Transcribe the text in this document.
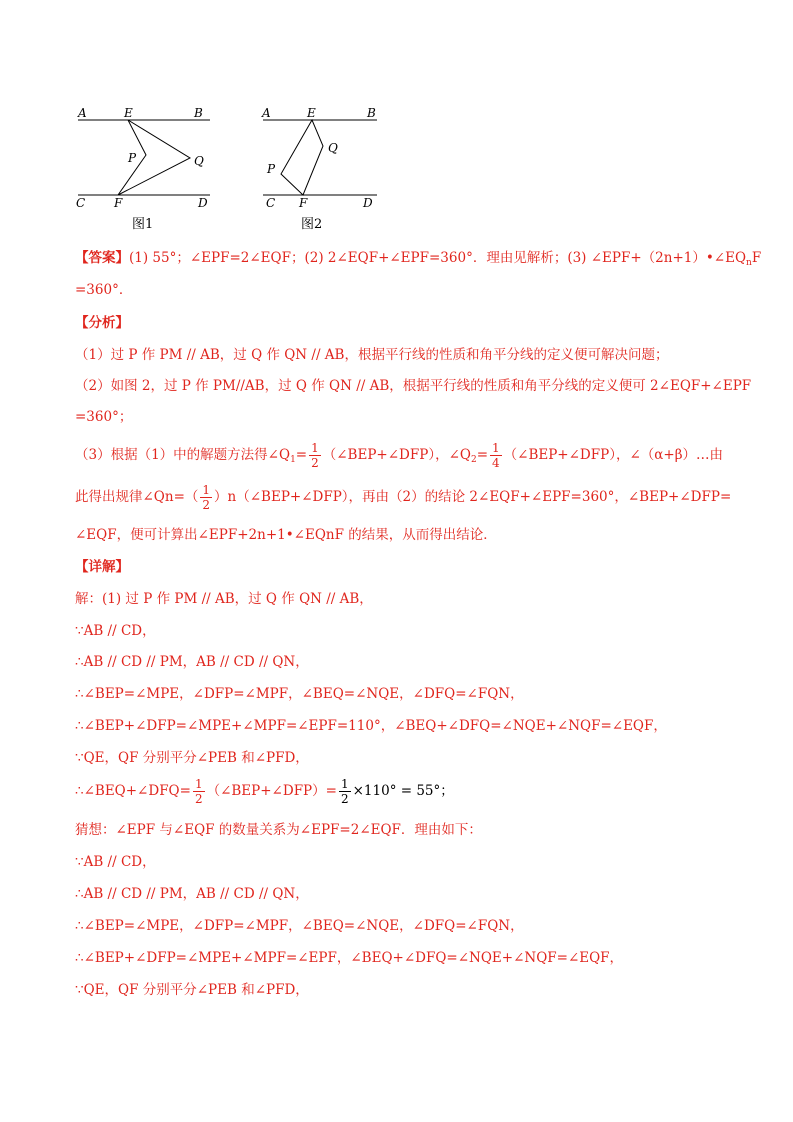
A	E	B
P	Q
C F	D
图1
A	E	B
Q
P
C F	D
图2
【答案】(1) 55°；∠EPF=2∠EQF；(2) 2∠EQF+∠EPF=360°．理由见解析；(3) $\angle EPF+(2n+1)•\angle EQ_nF$
=360°．
【分析】
（1）过 P 作 PM // AB，过 Q 作 QN // AB，根据平行线的性质和角平分线的定义便可解决问题；
（2）如图 2，过 P 作 PM//AB，过 Q 作 QN // AB，根据平行线的性质和角平分线的定义便可 2∠EQF+∠EPF
=360°；
（3）根据（1）中的解题方法得$\angle Q_1= \frac{1}{2}$ （∠BEP+∠DFP），$\angle Q_2= \frac{1}{4}$ （∠BEP+∠DFP），∠（α+β）…由
此得出规律∠Qn=（ $\frac{1}{2}$ ）n（∠BEP+∠DFP），再由（2）的结论 2∠EQF+∠EPF=360°，∠BEP+∠DFP=
∠EQF，便可计算出∠EPF+2n+1•∠EQnF 的结果，从而得出结论．
【详解】
解：(1) 过 P 作 PM // AB，过 Q 作 QN // AB，
∵AB // CD，
∴AB // CD // PM，AB // CD // QN，
∴∠BEP=∠MPE，∠DFP=∠MPF，∠BEQ=∠NQE，∠DFQ=∠FQN，
∴∠BEP+∠DFP=∠MPE+∠MPF=∠EPF=110°，∠BEQ+∠DFQ=∠NQE+∠NQF=∠EQF，
∵QE，QF 分别平分∠PEB 和∠PFD，
∴∠BEQ+∠DFQ= $\frac{1}{2}$ （∠BEP+∠DFP）= $\frac{1}{2} \times 110^\circ = 55^\circ$；
猜想：∠EPF 与∠EQF 的数量关系为∠EPF=2∠EQF．理由如下：
∵AB // CD，
∴AB // CD // PM，AB // CD // QN，
∴∠BEP=∠MPE，∠DFP=∠MPF，∠BEQ=∠NQE，∠DFQ=∠FQN，
∴∠BEP+∠DFP=∠MPE+∠MPF=∠EPF，∠BEQ+∠DFQ=∠NQE+∠NQF=∠EQF，
∵QE，QF 分别平分∠PEB 和∠PFD，
